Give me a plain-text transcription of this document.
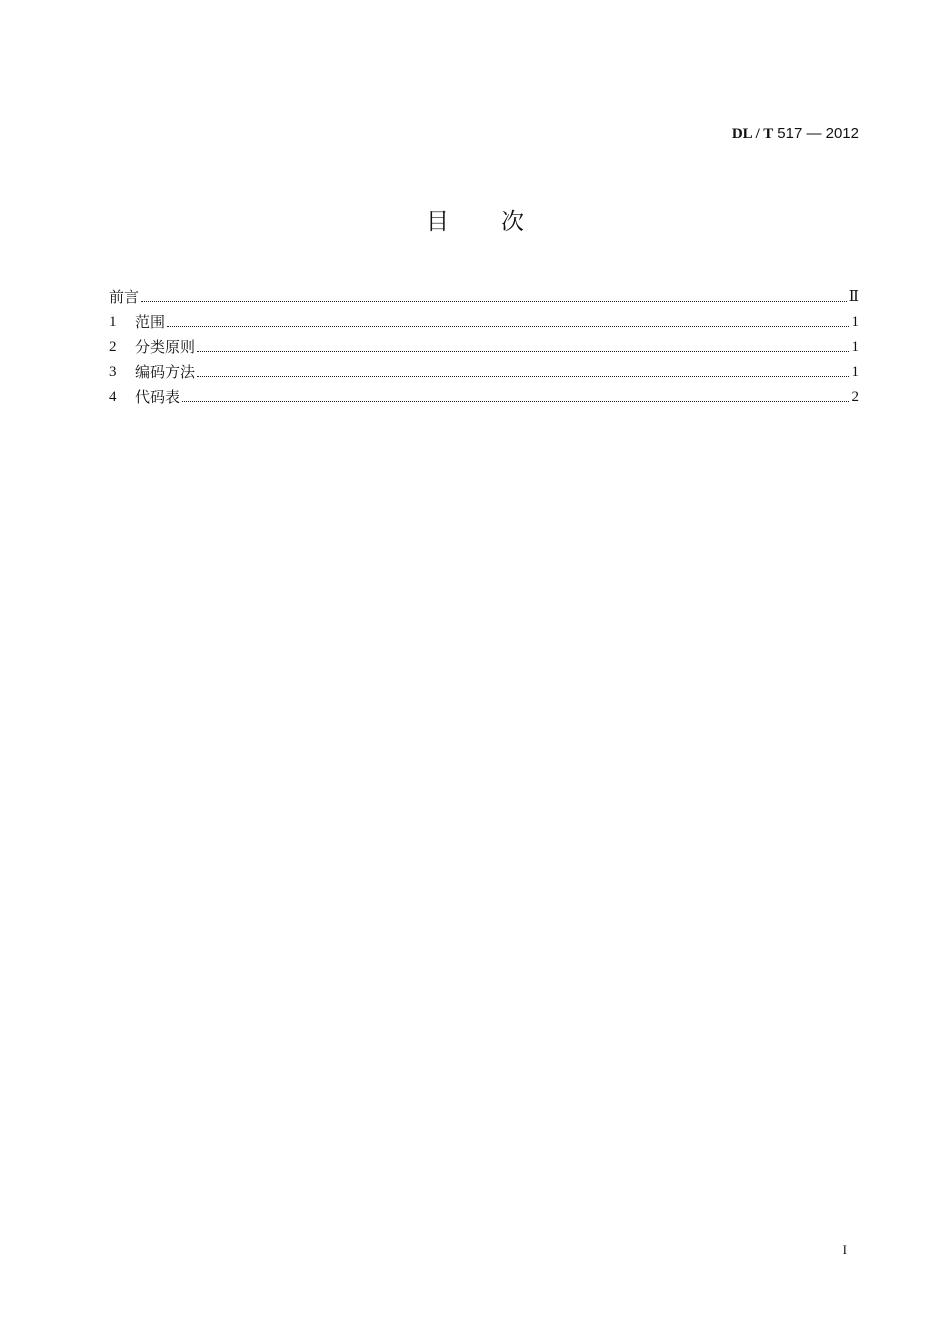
DL / T 517 — 2012
目 次
前言	Ⅱ
1	范围	1
2	分类原则	1
3	编码方法	1
4	代码表	2
I
